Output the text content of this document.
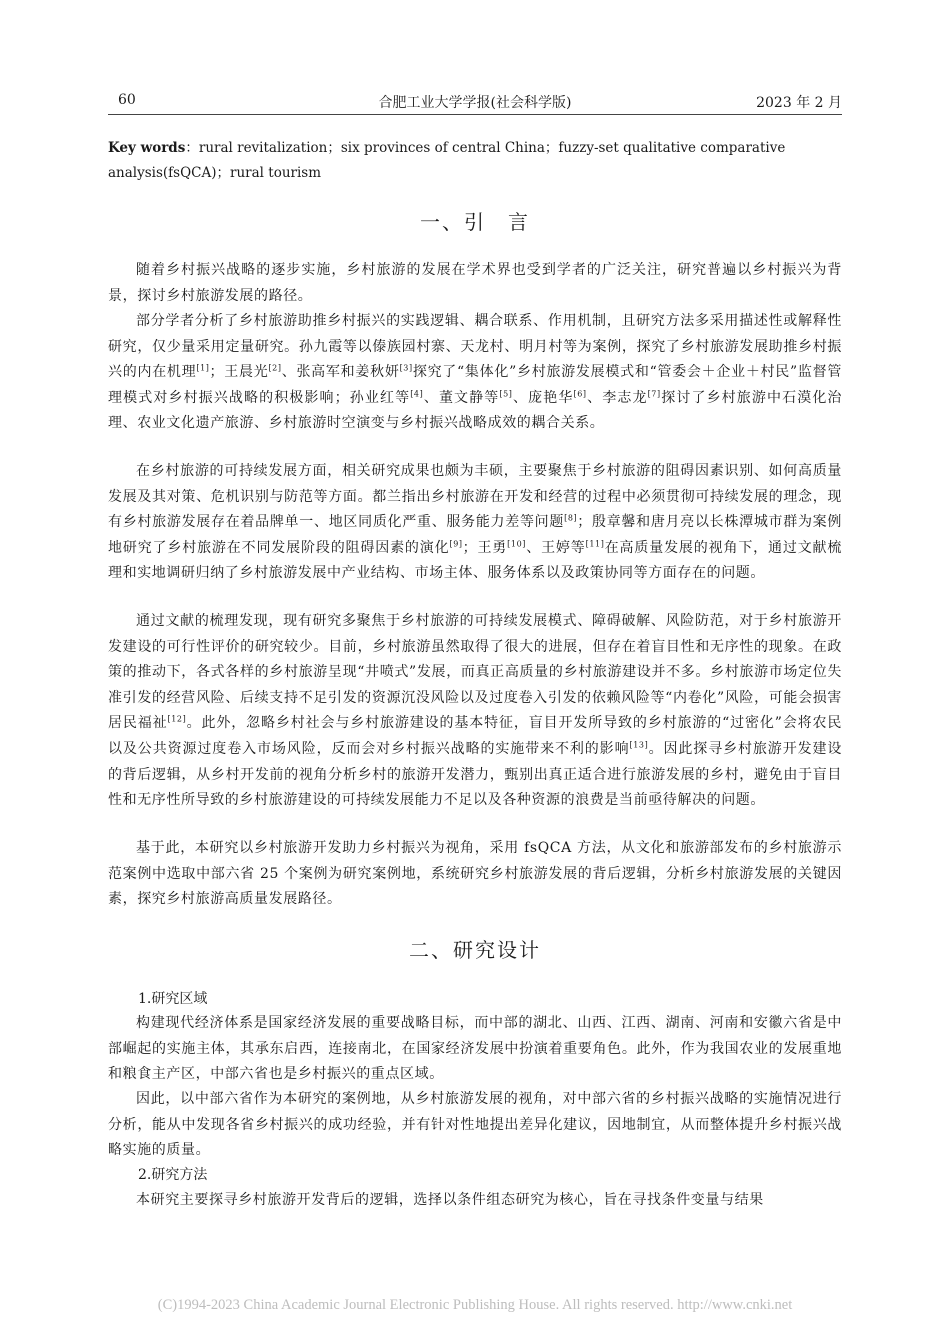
60	合肥工业大学学报(社会科学版)	2023 年 2 月
Key words：rural revitalization；six provinces of central China；fuzzy-set qualitative comparative analysis(fsQCA)；rural tourism
一、引　言

随着乡村振兴战略的逐步实施，乡村旅游的发展在学术界也受到学者的广泛关注，研究普遍以乡村振兴为背景，探讨乡村旅游发展的路径。

部分学者分析了乡村旅游助推乡村振兴的实践逻辑、耦合联系、作用机制，且研究方法多采用描述性或解释性研究，仅少量采用定量研究。孙九霞等以傣族园村寨、天龙村、明月村等为案例，探究了乡村旅游发展助推乡村振兴的内在机理[1]；王晨光[2]、张高军和姜秋妍[3]探究了“集体化”乡村旅游发展模式和“管委会＋企业＋村民”监督管理模式对乡村振兴战略的积极影响；孙业红等[4]、董文静等[5]、庞艳华[6]、李志龙[7]探讨了乡村旅游中石漠化治理、农业文化遗产旅游、乡村旅游时空演变与乡村振兴战略成效的耦合关系。

在乡村旅游的可持续发展方面，相关研究成果也颇为丰硕，主要聚焦于乡村旅游的阻碍因素识别、如何高质量发展及其对策、危机识别与防范等方面。都兰指出乡村旅游在开发和经营的过程中必须贯彻可持续发展的理念，现有乡村旅游发展存在着品牌单一、地区同质化严重、服务能力差等问题[8]；殷章馨和唐月亮以长株潭城市群为案例地研究了乡村旅游在不同发展阶段的阻碍因素的演化[9]；王勇[10]、王婷等[11]在高质量发展的视角下，通过文献梳理和实地调研归纳了乡村旅游发展中产业结构、市场主体、服务体系以及政策协同等方面存在的问题。

通过文献的梳理发现，现有研究多聚焦于乡村旅游的可持续发展模式、障碍破解、风险防范，对于乡村旅游开发建设的可行性评价的研究较少。目前，乡村旅游虽然取得了很大的进展，但存在着盲目性和无序性的现象。在政策的推动下，各式各样的乡村旅游呈现“井喷式”发展，而真正高质量的乡村旅游建设并不多。乡村旅游市场定位失准引发的经营风险、后续支持不足引发的资源沉没风险以及过度卷入引发的依赖风险等“内卷化”风险，可能会损害居民福祉[12]。此外，忽略乡村社会与乡村旅游建设的基本特征，盲目开发所导致的乡村旅游的“过密化”会将农民以及公共资源过度卷入市场风险，反而会对乡村振兴战略的实施带来不利的影响[13]。因此探寻乡村旅游开发建设的背后逻辑，从乡村开发前的视角分析乡村的旅游开发潜力，甄别出真正适合进行旅游发展的乡村，避免由于盲目性和无序性所导致的乡村旅游建设的可持续发展能力不足以及各种资源的浪费是当前亟待解决的问题。

基于此，本研究以乡村旅游开发助力乡村振兴为视角，采用 fsQCA 方法，从文化和旅游部发布的乡村旅游示范案例中选取中部六省 25 个案例为研究案例地，系统研究乡村旅游发展的背后逻辑，分析乡村旅游发展的关键因素，探究乡村旅游高质量发展路径。

二、研究设计

1.研究区域

构建现代经济体系是国家经济发展的重要战略目标，而中部的湖北、山西、江西、湖南、河南和安徽六省是中部崛起的实施主体，其承东启西，连接南北，在国家经济发展中扮演着重要角色。此外，作为我国农业的发展重地和粮食主产区，中部六省也是乡村振兴的重点区域。

因此，以中部六省作为本研究的案例地，从乡村旅游发展的视角，对中部六省的乡村振兴战略的实施情况进行分析，能从中发现各省乡村振兴的成功经验，并有针对性地提出差异化建议，因地制宜，从而整体提升乡村振兴战略实施的质量。

2.研究方法

本研究主要探寻乡村旅游开发背后的逻辑，选择以条件组态研究为核心，旨在寻找条件变量与结果

(C)1994-2023 China Academic Journal Electronic Publishing House. All rights reserved. http://www.cnki.net
